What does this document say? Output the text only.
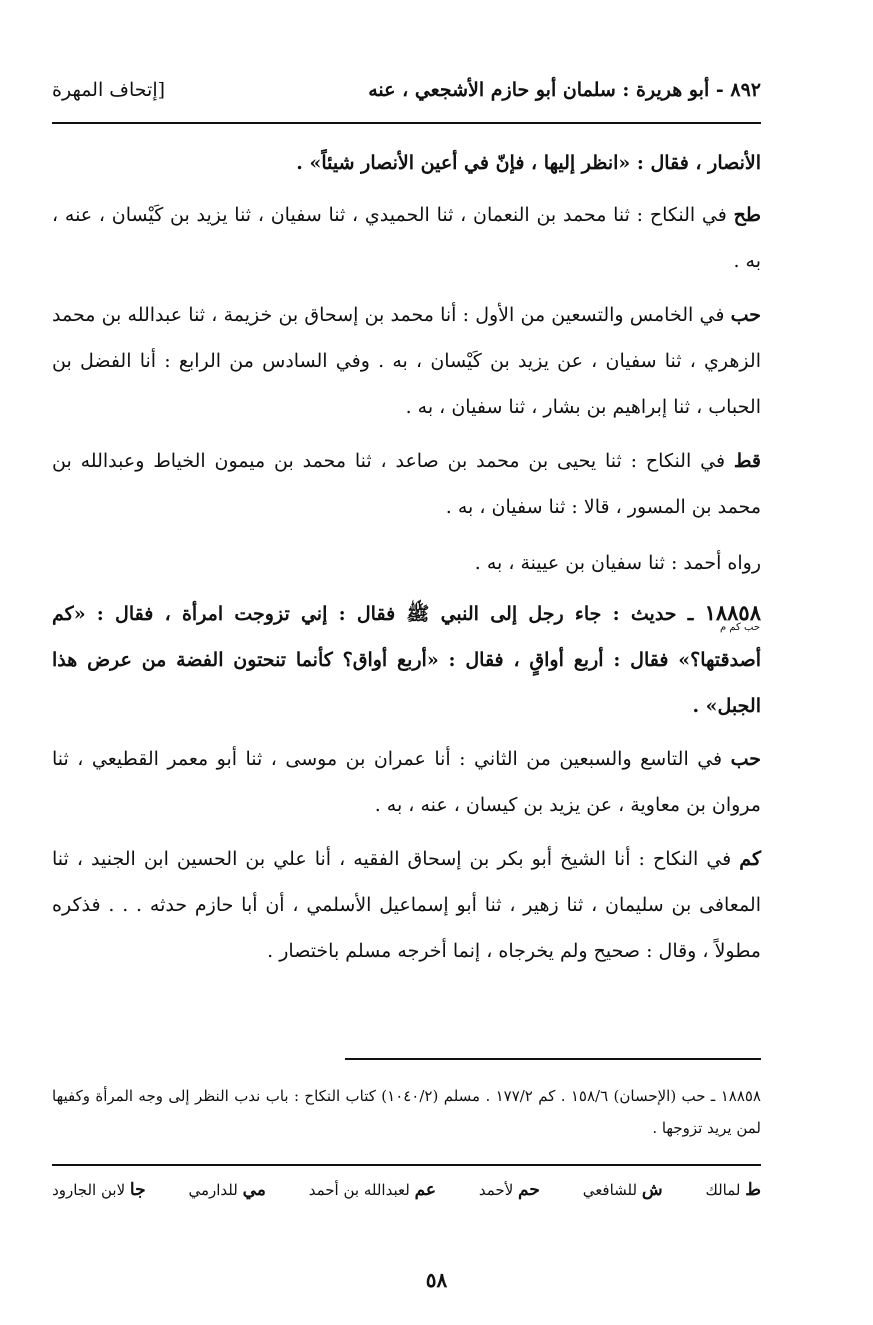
٨٩٢ - أبو هريرة : سلمان أبو حازم الأشجعي ، عنه
[إتحاف المهرة
الأنصار ، فقال : «انظر إليها ، فإنّ في أعين الأنصار شيئاً» .
طح في النكاح : ثنا محمد بن النعمان ، ثنا الحميدي ، ثنا سفيان ، ثنا يزيد بن كَيْسان ، عنه ، به .
حب في الخامس والتسعين من الأول : أنا محمد بن إسحاق بن خزيمة ، ثنا عبدالله بن محمد الزهري ، ثنا سفيان ، عن يزيد بن كَيْسان ، به . وفي السادس من الرابع : أنا الفضل بن الحباب ، ثنا إبراهيم بن بشار ، ثنا سفيان ، به .
قط في النكاح : ثنا يحيى بن محمد بن صاعد ، ثنا محمد بن ميمون الخياط وعبدالله بن محمد بن المسور ، قالا : ثنا سفيان ، به .
رواه أحمد : ثنا سفيان بن عيينة ، به .
١٨٨٥٨ ـ حديث : جاء رجل إلى النبي ﷺ فقال : إني تزوجت امرأة ، فقال : «كم أصدقتها؟» فقال : أربع أواقٍ ، فقال : «أربع أواق؟ كأنما تنحتون الفضة من عرض هذا الجبل» .
حب كم م
حب في التاسع والسبعين من الثاني : أنا عمران بن موسى ، ثنا أبو معمر القطيعي ، ثنا مروان بن معاوية ، عن يزيد بن كيسان ، عنه ، به .
كم في النكاح : أنا الشيخ أبو بكر بن إسحاق الفقيه ، أنا علي بن الحسين ابن الجنيد ، ثنا المعافى بن سليمان ، ثنا زهير ، ثنا أبو إسماعيل الأسلمي ، أن أبا حازم حدثه . . . فذكره مطولاً ، وقال : صحيح ولم يخرجاه ، إنما أخرجه مسلم باختصار .
١٨٨٥٨ ـ حب (الإحسان) ١٥٨/٦ . كم ١٧٧/٢ . مسلم (١٠٤٠/٢) كتاب النكاح : باب ندب النظر إلى وجه المرأة وكفيها لمن يريد تزوجها .
ط لمالك
ش للشافعي
حم لأحمد
عم لعبدالله بن أحمد
مي للدارمي
جا لابن الجارود
٥٨
